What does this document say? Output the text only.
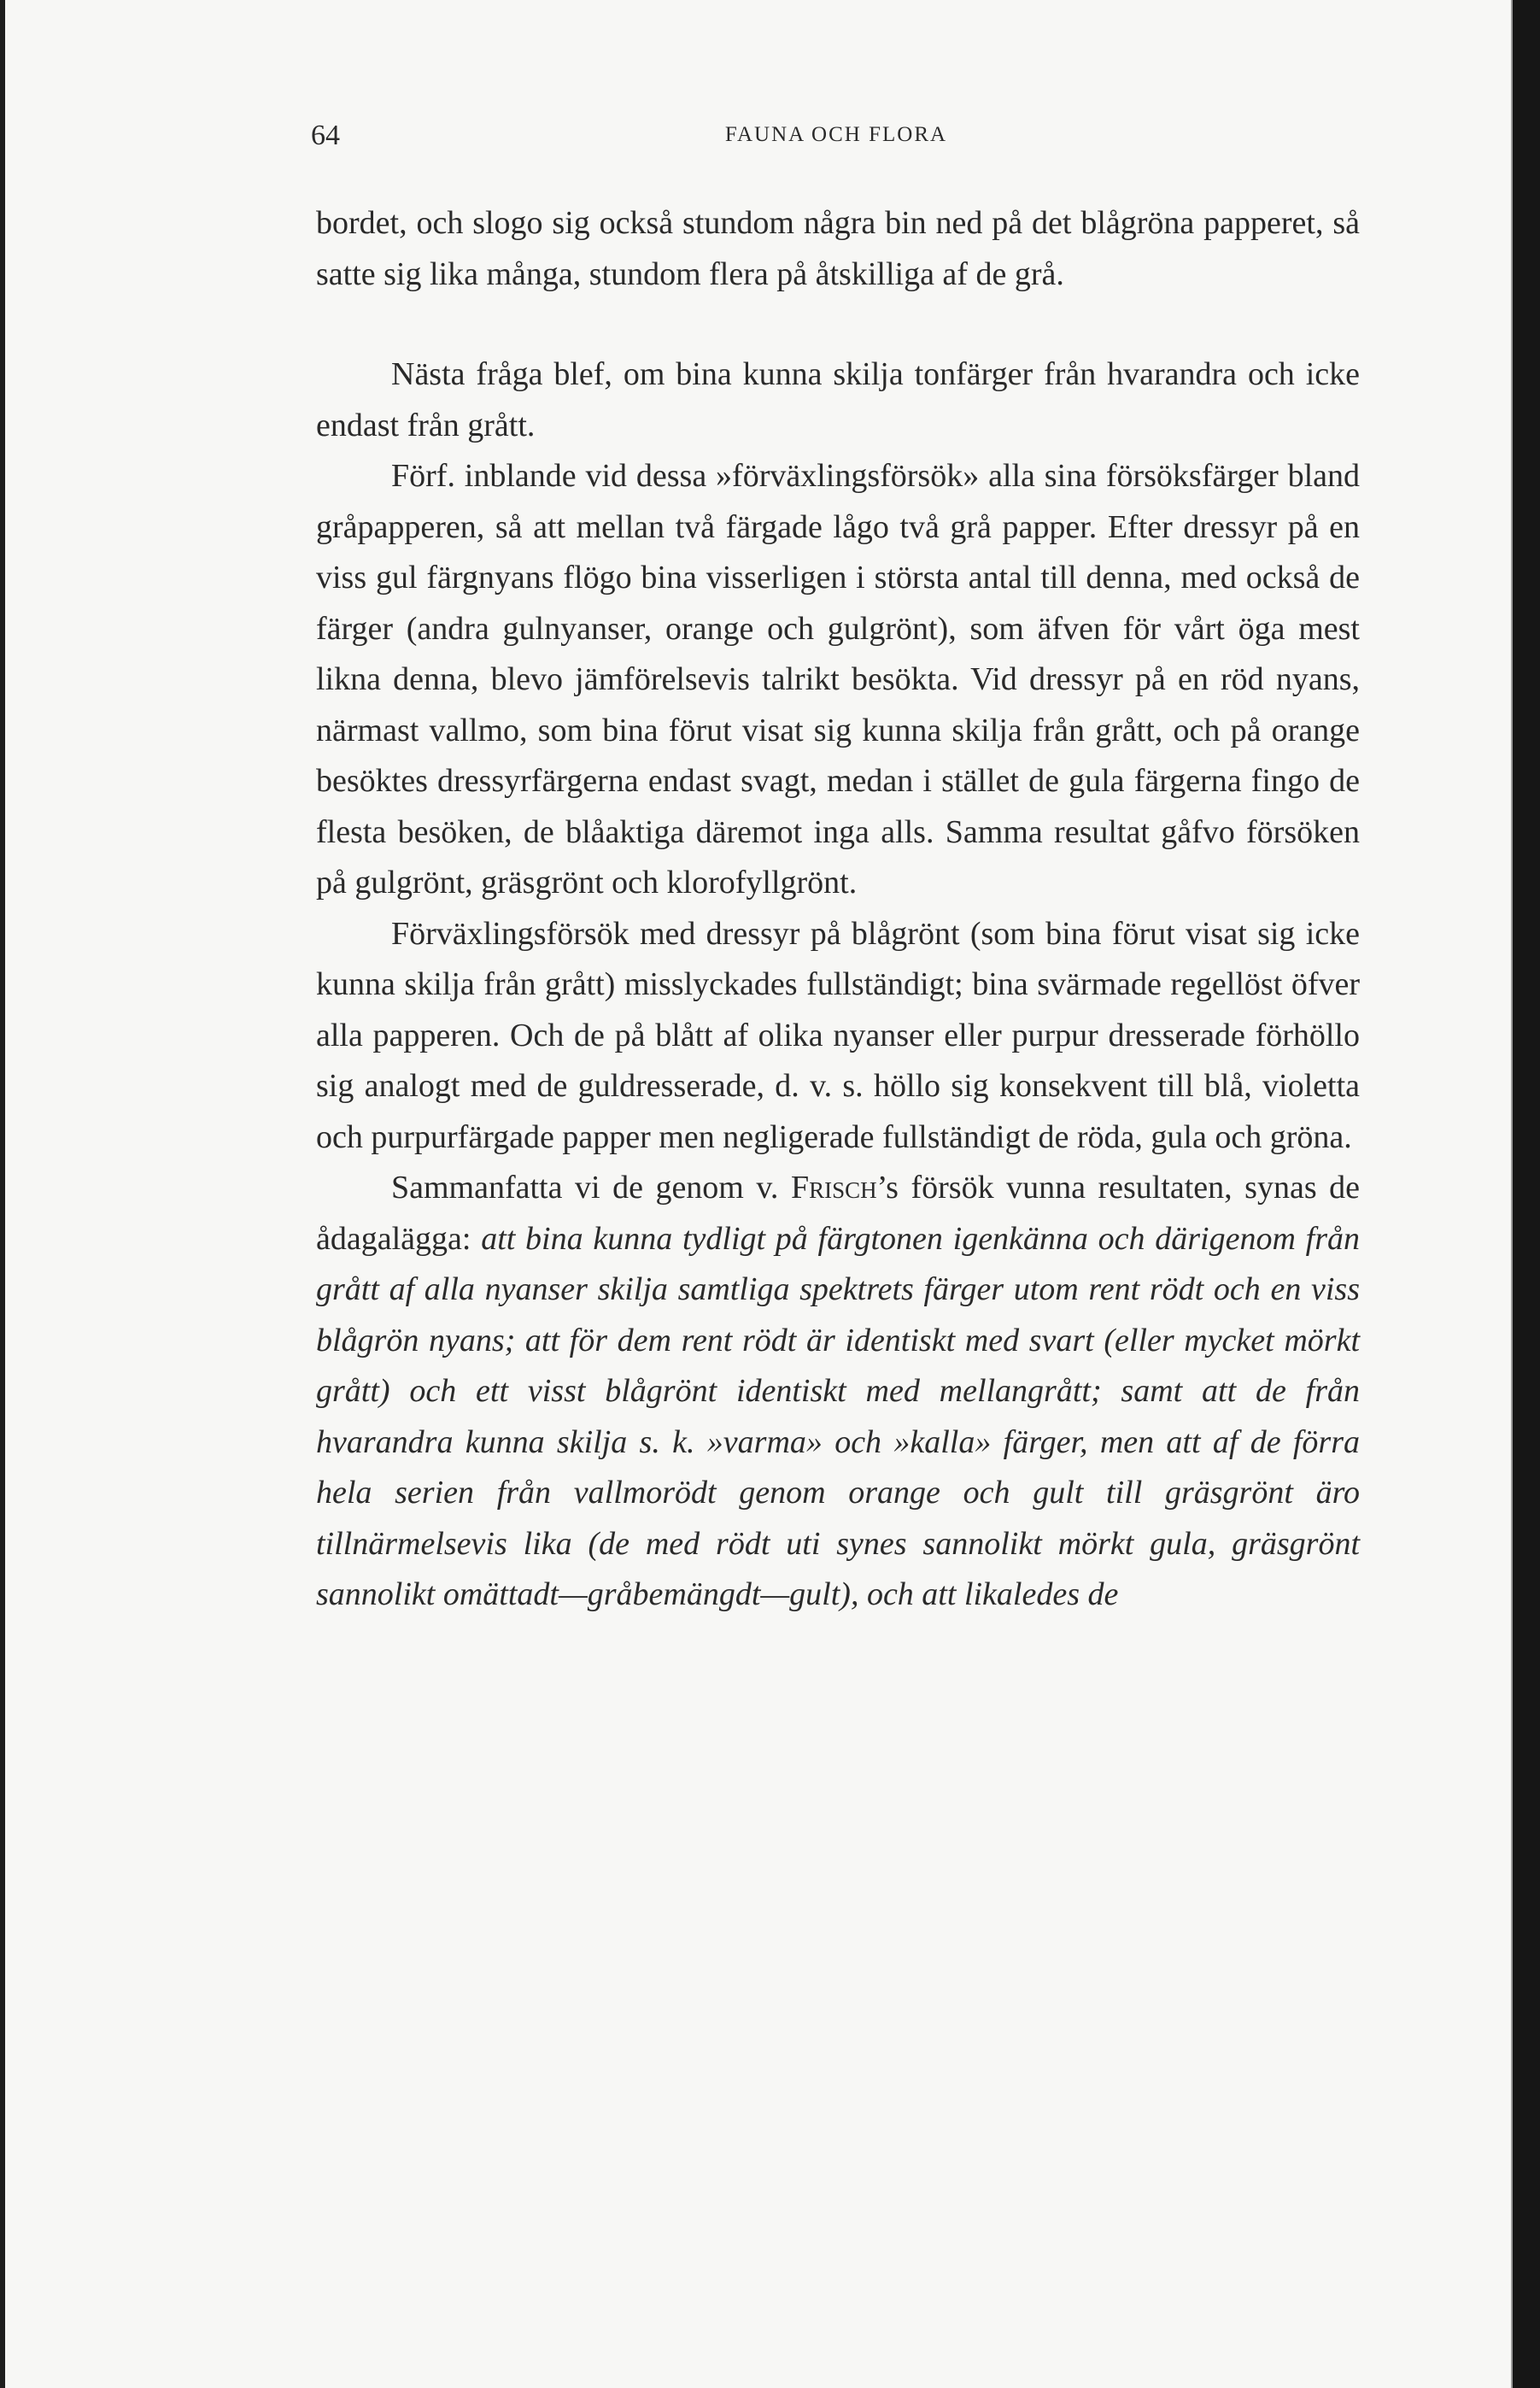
64	FAUNA OCH FLORA

bordet, och slogo sig också stundom några bin ned på det blågröna papperet, så satte sig lika många, stundom flera på åtskilliga af de grå.

Nästa fråga blef, om bina kunna skilja tonfärger från hvarandra och icke endast från grått.

Förf. inblande vid dessa »förväxlingsförsök» alla sina försöksfärger bland gråpapperen, så att mellan två färgade lågo två grå papper. Efter dressyr på en viss gul färgnyans flögo bina visserligen i största antal till denna, med också de färger (andra gulnyanser, orange och gulgrönt), som äfven för vårt öga mest likna denna, blevo jämförelsevis talrikt besökta. Vid dressyr på en röd nyans, närmast vallmo, som bina förut visat sig kunna skilja från grått, och på orange besöktes dressyrfärgerna endast svagt, medan i stället de gula färgerna fingo de flesta besöken, de blåaktiga däremot inga alls. Samma resultat gåfvo försöken på gulgrönt, gräsgrönt och klorofyllgrönt.

Förväxlingsförsök med dressyr på blågrönt (som bina förut visat sig icke kunna skilja från grått) misslyckades fullständigt; bina svärmade regellöst öfver alla papperen. Och de på blått af olika nyanser eller purpur dresserade förhöllo sig analogt med de guldresserade, d. v. s. höllo sig konsekvent till blå, violetta och purpurfärgade papper men negligerade fullständigt de röda, gula och gröna.

Sammanfatta vi de genom v. Frisch’s försök vunna resultaten, synas de ådagalägga: att bina kunna tydligt på färgtonen igenkänna och därigenom från grått af alla nyanser skilja samtliga spektrets färger utom rent rödt och en viss blågrön nyans; att för dem rent rödt är identiskt med svart (eller mycket mörkt grått) och ett visst blågrönt identiskt med mellangrått; samt att de från hvarandra kunna skilja s. k. »varma» och »kalla» färger, men att af de förra hela serien från vallmorödt genom orange och gult till gräsgrönt äro tillnärmelsevis lika (de med rödt uti synes sannolikt mörkt gula, gräsgrönt sannolikt omättadt—gråbemängdt—gult), och att likaledes de
